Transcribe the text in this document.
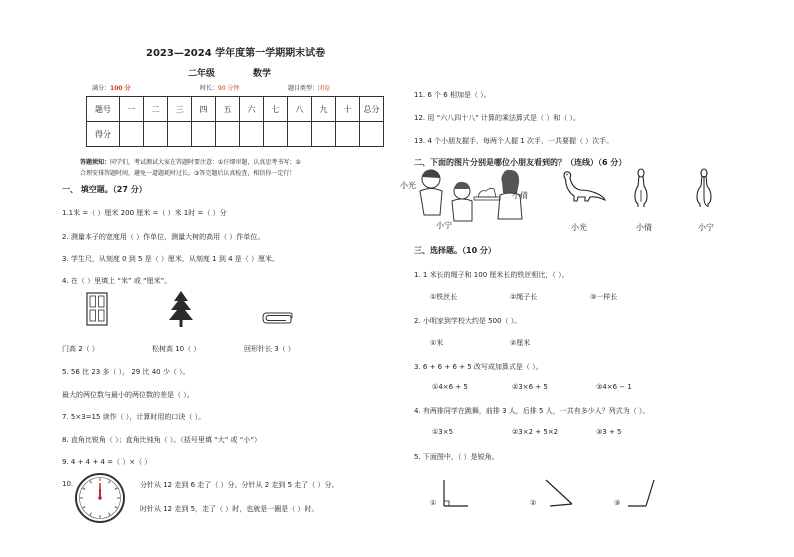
2023—2024 学年度第一学期期末试卷
二年级	数学
满分：100 分	时长：90 分钟	题目类型：闭卷
题号	一	二	三	四	五	六	七	八	九	十	总分
得分											
答题须知：同学们，考试测试大家在答题时要注意：①仔细审题，认真思考书写；②
合理安排答题时间，避免一道题耗时过长。③答完题后认真检查，相信你一定行！
一、 填空题。（27 分）
1.1米 =（ ）厘米 200 厘米 =（ ）米 1时 =（ ）分
2. 测量本子的宽度用（ ）作单位，测量大树的高用（ ）作单位。
3. 学生尺，从刻度 0 到 5 是（ ）厘米，从刻度 1 到 4 是（ ）厘米。
4. 在（ ）里填上 “米” 或 “厘米”。
门高 2（ ）	松树高 10（ ）	回形针长 3（ ）
5. 56 比 23 多（ ）， 29 比 40 少（ ）。
最大的两位数与最小的两位数的差是（ ）。
7. 5×3=15 读作（ ），计算时用的口诀（ ）。
8. 直角比锐角（ ）；直角比钝角（ ）。（括号里填 “大” 或 “小”）
9. 4 + 4 + 4 =（ ）×（ ）
10.	分针从 12 走到 6 走了（ ）分。分针从 2 走到 5 走了（ ）分。
时针从 12 走到 5，走了（ ）时，也就是一圈是（ ）时。
11. 6 个 6 相加是（ ）。
12. 用 “六八四十八” 计算的乘法算式是（ ）和（ ）。
13. 4 个小朋友握手，每两个人握 1 次手，一共要握（ ）次手。
二、下面的图片分别是哪位小朋友看到的？（连线）（6 分）
小光
小倩
小宁	小光	小倩	小宁
三、选择题。（10 分）
1. 1 米长的绳子和 100 厘米长的铁丝相比，（ ）。
①铁丝长	②绳子长	③一样长
2. 小明家到学校大约是 500（ ）。
①米	②厘米
3. 6 + 6 + 6 + 5 改写成加算式是（ ）。
①4×6 + 5	②3×6 + 5	③4×6 − 1
4. 有两排同学在跳舞，前排 3 人，后排 5 人，一共有多少人？列式为（ ）。
①3×5	②3×2 + 5×2	③3 + 5
5. 下面图中，（ ）是锐角。
①	②	③
